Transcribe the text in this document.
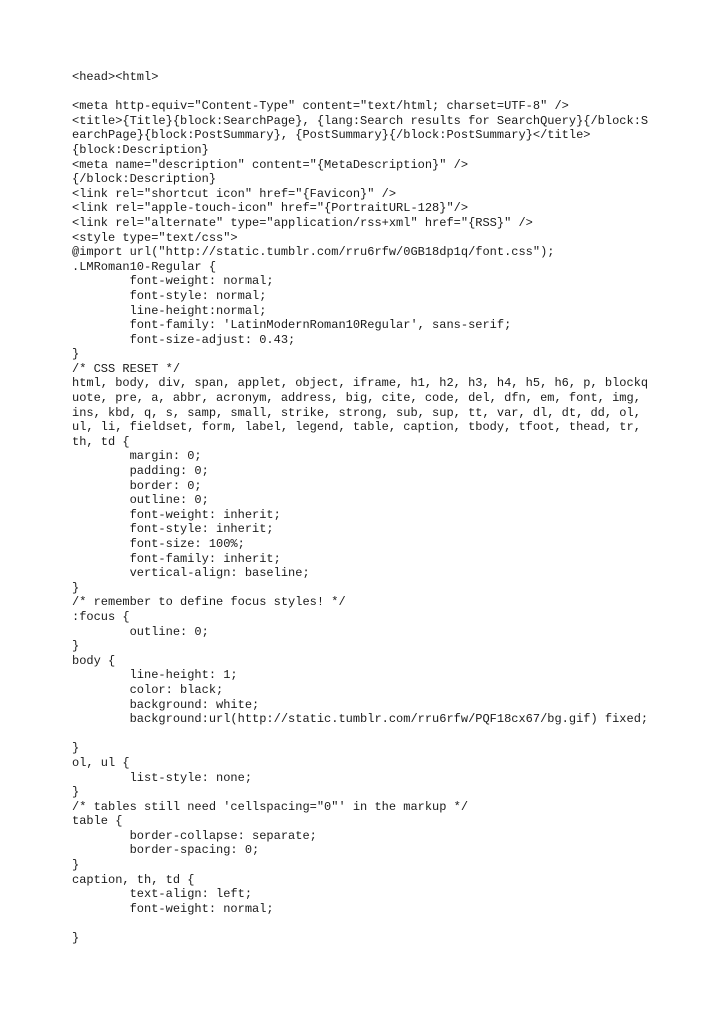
<head><html>
<meta http-equiv="Content-Type" content="text/html; charset=UTF-8" />
<title>{Title}{block:SearchPage}, {lang:Search results for SearchQuery}{/block:S
earchPage}{block:PostSummary}, {PostSummary}{/block:PostSummary}</title>
{block:Description}
<meta name="description" content="{MetaDescription}" />
{/block:Description}
<link rel="shortcut icon" href="{Favicon}" />
<link rel="apple-touch-icon" href="{PortraitURL-128}"/>
<link rel="alternate" type="application/rss+xml" href="{RSS}" />
<style type="text/css">
@import url("http://static.tumblr.com/rru6rfw/0GB18dp1q/font.css");
.LMRoman10-Regular {
font-weight: normal;
font-style: normal;
line-height:normal;
font-family: 'LatinModernRoman10Regular', sans-serif;
font-size-adjust: 0.43;
}
/* CSS RESET */
html, body, div, span, applet, object, iframe, h1, h2, h3, h4, h5, h6, p, blockq
uote, pre, a, abbr, acronym, address, big, cite, code, del, dfn, em, font, img,
ins, kbd, q, s, samp, small, strike, strong, sub, sup, tt, var, dl, dt, dd, ol,
ul, li, fieldset, form, label, legend, table, caption, tbody, tfoot, thead, tr,
th, td {
margin: 0;
padding: 0;
border: 0;
outline: 0;
font-weight: inherit;
font-style: inherit;
font-size: 100%;
font-family: inherit;
vertical-align: baseline;
}
/* remember to define focus styles! */
:focus {
outline: 0;
}
body {
line-height: 1;
color: black;
background: white;
background:url(http://static.tumblr.com/rru6rfw/PQF18cx67/bg.gif) fixed;
}
ol, ul {
list-style: none;
}
/* tables still need 'cellspacing="0"' in the markup */
table {
border-collapse: separate;
border-spacing: 0;
}
caption, th, td {
text-align: left;
font-weight: normal;
}
